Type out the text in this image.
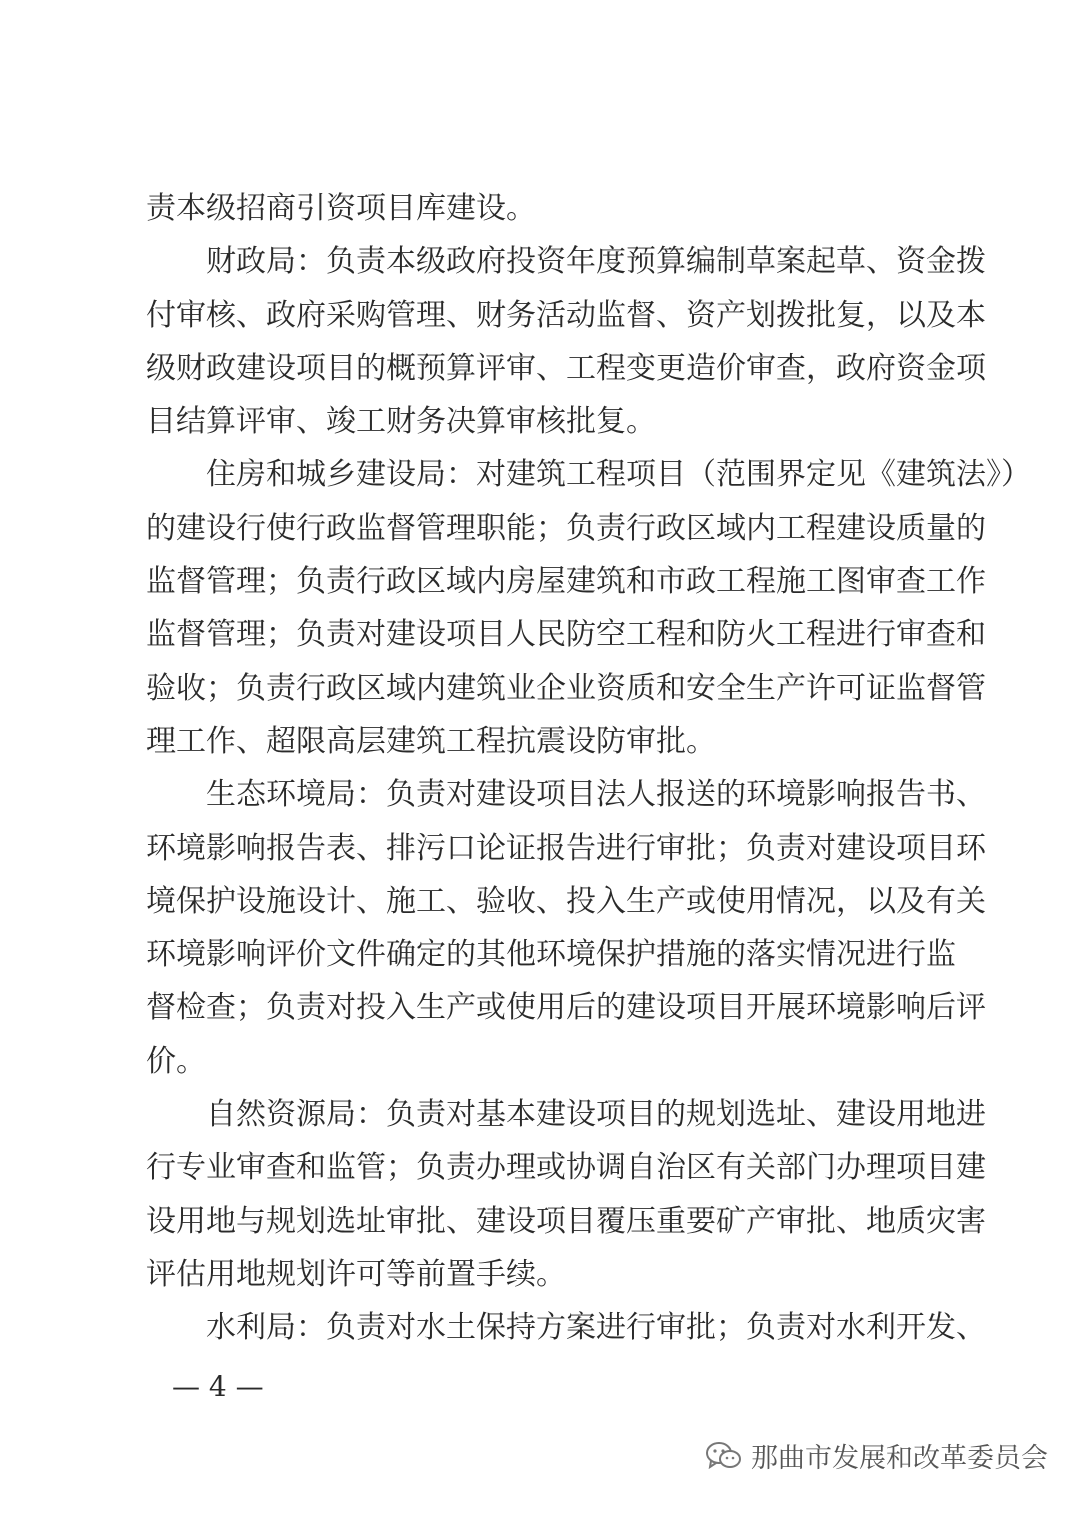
责本级招商引资项目库建设。
财政局：负责本级政府投资年度预算编制草案起草、资金拨
付审核、政府采购管理、财务活动监督、资产划拨批复，以及本
级财政建设项目的概预算评审、工程变更造价审查，政府资金项
目结算评审、竣工财务决算审核批复。
住房和城乡建设局：对建筑工程项目（范围界定见《建筑法》）
的建设行使行政监督管理职能；负责行政区域内工程建设质量的
监督管理；负责行政区域内房屋建筑和市政工程施工图审查工作
监督管理；负责对建设项目人民防空工程和防火工程进行审查和
验收；负责行政区域内建筑业企业资质和安全生产许可证监督管
理工作、超限高层建筑工程抗震设防审批。
生态环境局：负责对建设项目法人报送的环境影响报告书、
环境影响报告表、排污口论证报告进行审批；负责对建设项目环
境保护设施设计、施工、验收、投入生产或使用情况，以及有关
环境影响评价文件确定的其他环境保护措施的落实情况进行监
督检查；负责对投入生产或使用后的建设项目开展环境影响后评
价。
自然资源局：负责对基本建设项目的规划选址、建设用地进
行专业审查和监管；负责办理或协调自治区有关部门办理项目建
设用地与规划选址审批、建设项目覆压重要矿产审批、地质灾害
评估用地规划许可等前置手续。
水利局：负责对水土保持方案进行审批；负责对水利开发、
— 4 —
那曲市发展和改革委员会
